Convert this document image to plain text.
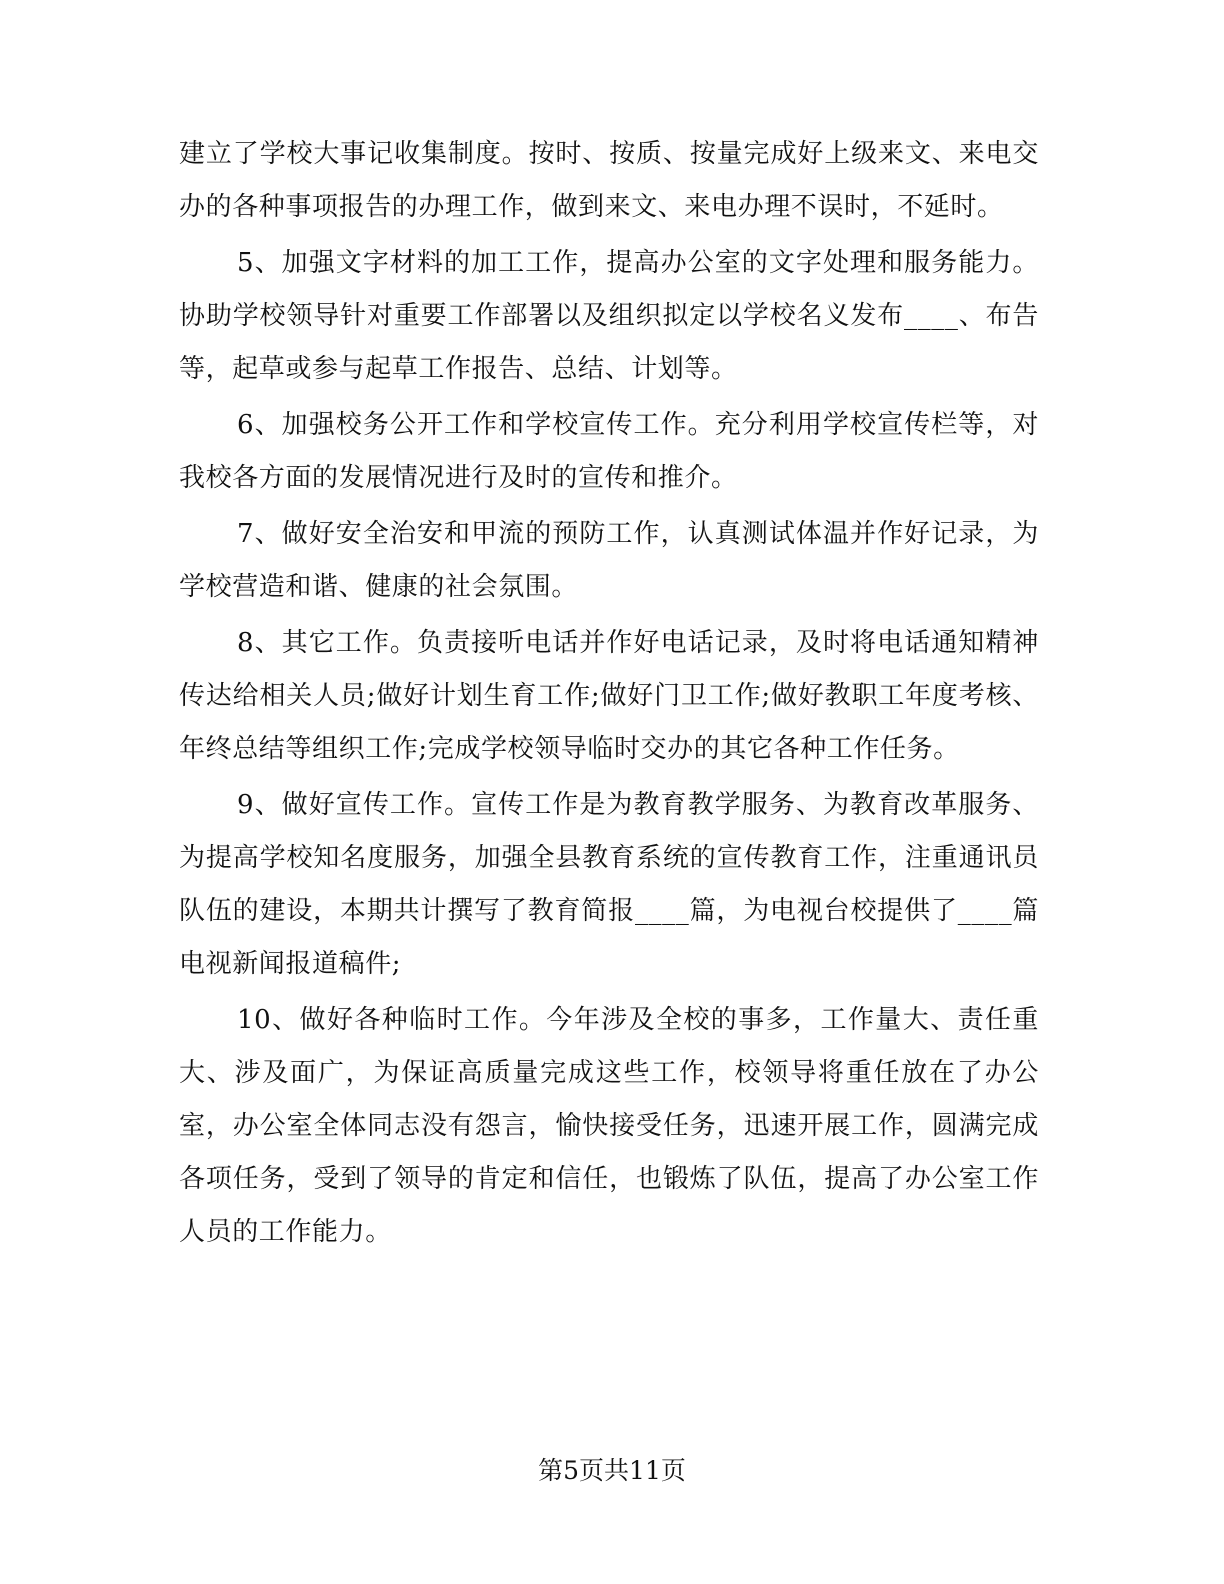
建立了学校大事记收集制度。按时、按质、按量完成好上级来文、来电交办的各种事项报告的办理工作，做到来文、来电办理不误时，不延时。

5、加强文字材料的加工工作，提高办公室的文字处理和服务能力。协助学校领导针对重要工作部署以及组织拟定以学校名义发布____、布告等，起草或参与起草工作报告、总结、计划等。

6、加强校务公开工作和学校宣传工作。充分利用学校宣传栏等，对我校各方面的发展情况进行及时的宣传和推介。

7、做好安全治安和甲流的预防工作，认真测试体温并作好记录，为学校营造和谐、健康的社会氛围。

8、其它工作。负责接听电话并作好电话记录，及时将电话通知精神传达给相关人员;做好计划生育工作;做好门卫工作;做好教职工年度考核、年终总结等组织工作;完成学校领导临时交办的其它各种工作任务。

9、做好宣传工作。宣传工作是为教育教学服务、为教育改革服务、为提高学校知名度服务，加强全县教育系统的宣传教育工作，注重通讯员队伍的建设，本期共计撰写了教育简报____篇，为电视台校提供了____篇电视新闻报道稿件;

10、做好各种临时工作。今年涉及全校的事多，工作量大、责任重大、涉及面广，为保证高质量完成这些工作，校领导将重任放在了办公室，办公室全体同志没有怨言，愉快接受任务，迅速开展工作，圆满完成各项任务，受到了领导的肯定和信任，也锻炼了队伍，提高了办公室工作人员的工作能力。

第5页共11页
